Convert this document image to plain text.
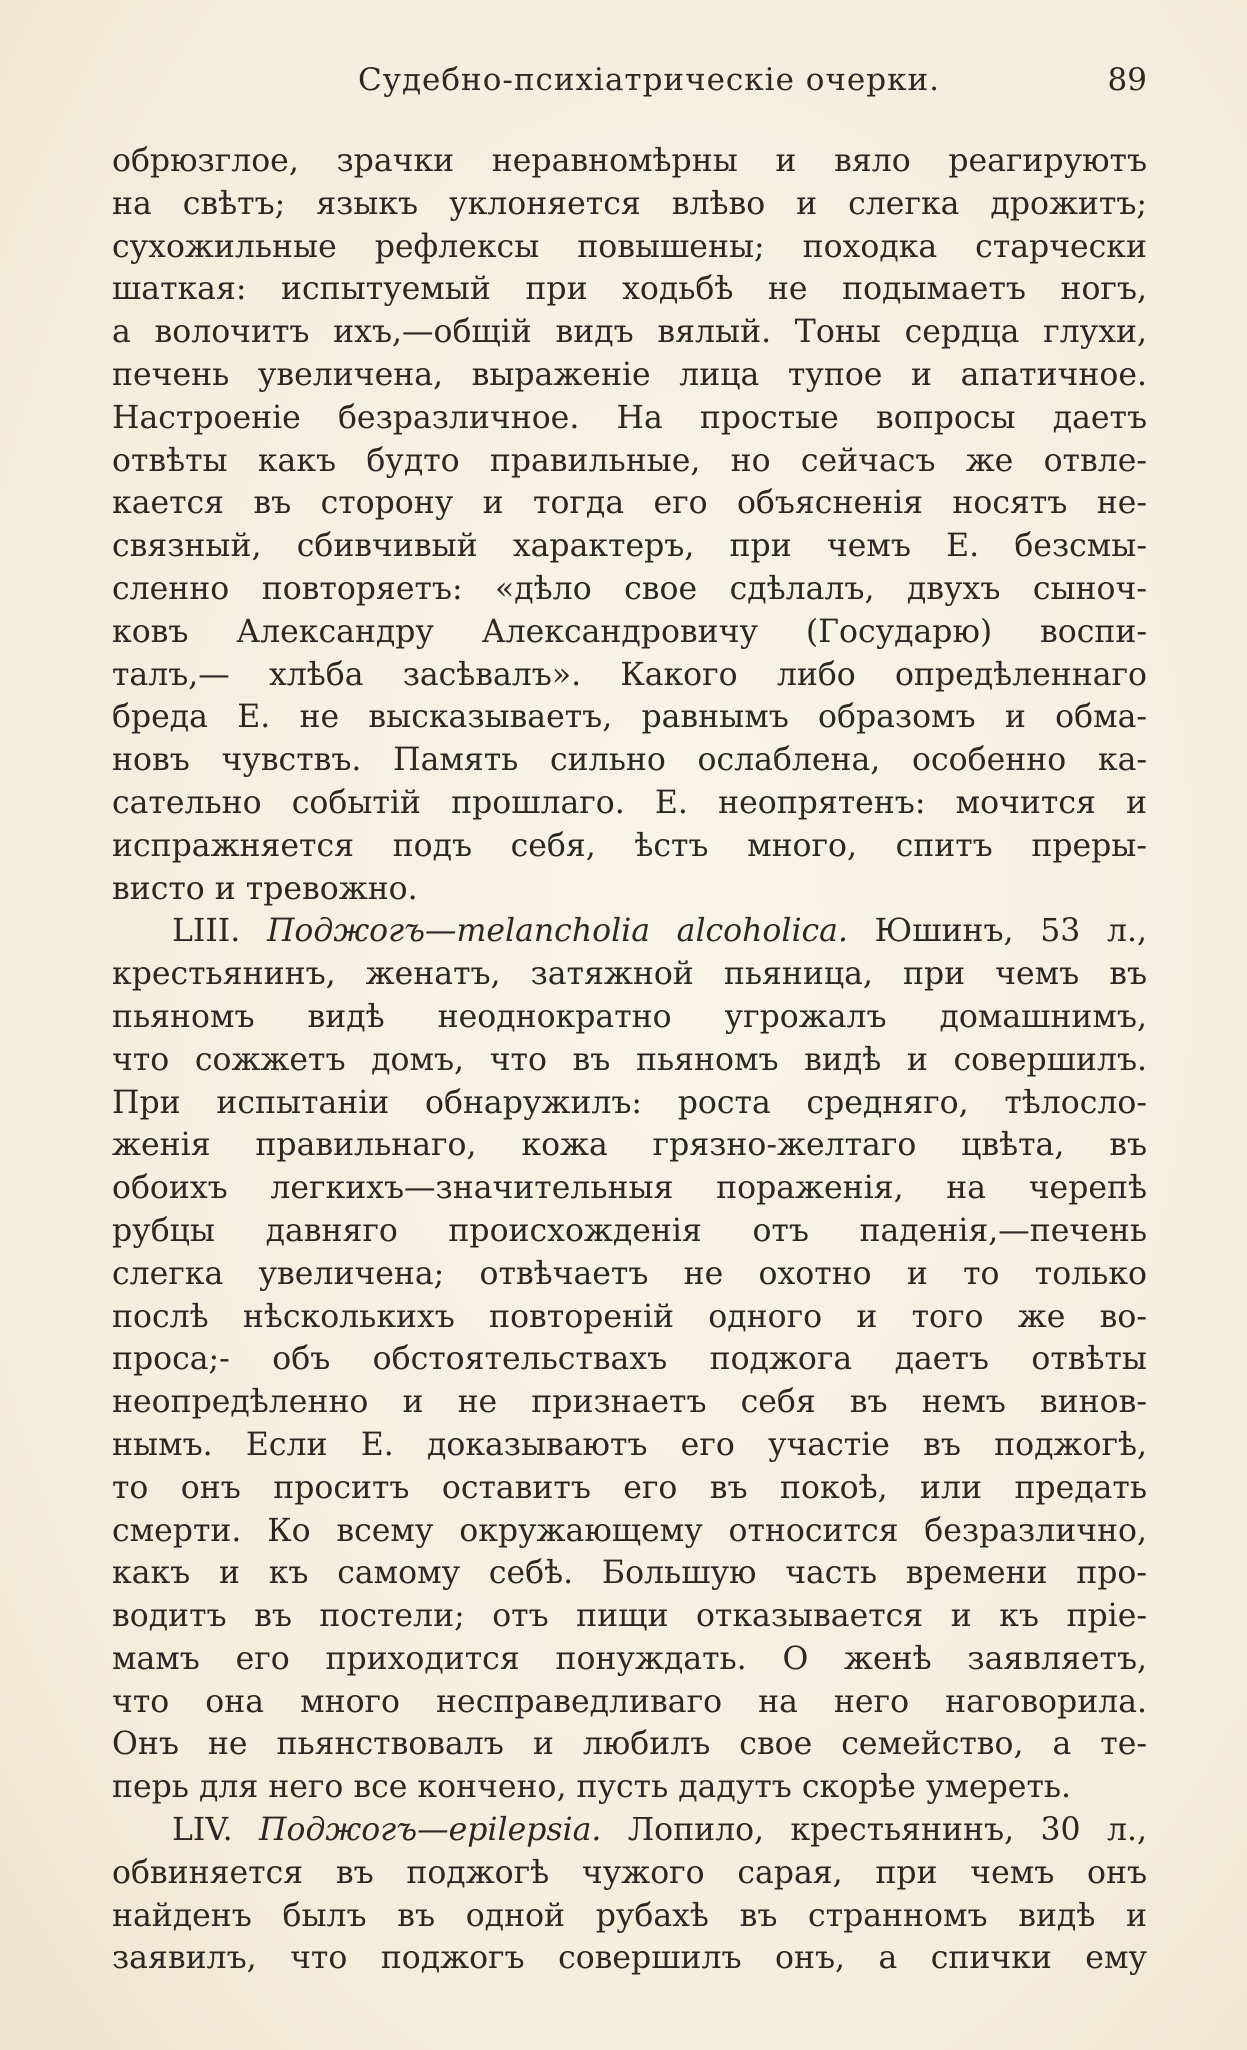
Судебно-психіатрическіе очерки.	89
обрюзглое, зрачки неравномѣрны и вяло реагируютъ
на свѣтъ; языкъ уклоняется влѣво и слегка дрожитъ;
сухожильные рефлексы повышены; походка старчески
шаткая: испытуемый при ходьбѣ не подымаетъ ногъ,
а волочитъ ихъ,—общій видъ вялый. Тоны сердца глухи,
печень увеличена, выраженіе лица тупое и апатичное.
Настроеніе безразличное. На простые вопросы даетъ
отвѣты какъ будто правильные, но сейчасъ же отвле-
кается въ сторону и тогда его объясненія носятъ не-
связный, сбивчивый характеръ, при чемъ Е. безсмы-
сленно повторяетъ: «дѣло свое сдѣлалъ, двухъ сыноч-
ковъ Александру Александровичу (Государю) воспи-
талъ,— хлѣба засѣвалъ». Какого либо опредѣленнаго
бреда Е. не высказываетъ, равнымъ образомъ и обма-
новъ чувствъ. Память сильно ослаблена, особенно ка-
сательно событій прошлаго. Е. неопрятенъ: мочится и
испражняется подъ себя, ѣстъ много, спитъ преры-
висто и тревожно.
LIII. Поджогъ—melancholia alcoholica. Юшинъ, 53 л.,
крестьянинъ, женатъ, затяжной пьяница, при чемъ въ
пьяномъ видѣ неоднократно угрожалъ домашнимъ,
что сожжетъ домъ, что въ пьяномъ видѣ и совершилъ.
При испытаніи обнаружилъ: роста средняго, тѣлосло-
женія правильнаго, кожа грязно-желтаго цвѣта, въ
обоихъ легкихъ—значительныя пораженія, на черепѣ
рубцы давняго происхожденія отъ паденія,—печень
слегка увеличена; отвѣчаетъ не охотно и то только
послѣ нѣсколькихъ повтореній одного и того же во-
проса;- объ обстоятельствахъ поджога даетъ отвѣты
неопредѣленно и не признаетъ себя въ немъ винов-
нымъ. Если Е. доказываютъ его участіе въ поджогѣ,
то онъ проситъ оставитъ его въ покоѣ, или предать
смерти. Ко всему окружающему относится безразлично,
какъ и къ самому себѣ. Большую часть времени про-
водитъ въ постели; отъ пищи отказывается и къ пріе-
мамъ его приходится понуждать. О женѣ заявляетъ,
что она много несправедливаго на него наговорила.
Онъ не пьянствовалъ и любилъ свое семейство, а те-
перь для него все кончено, пусть дадутъ скорѣе умереть.
LIV. Поджогъ—epilepsia. Лопило, крестьянинъ, 30 л.,
обвиняется въ поджогѣ чужого сарая, при чемъ онъ
найденъ былъ въ одной рубахѣ въ странномъ видѣ и
заявилъ, что поджогъ совершилъ онъ, а спички ему
